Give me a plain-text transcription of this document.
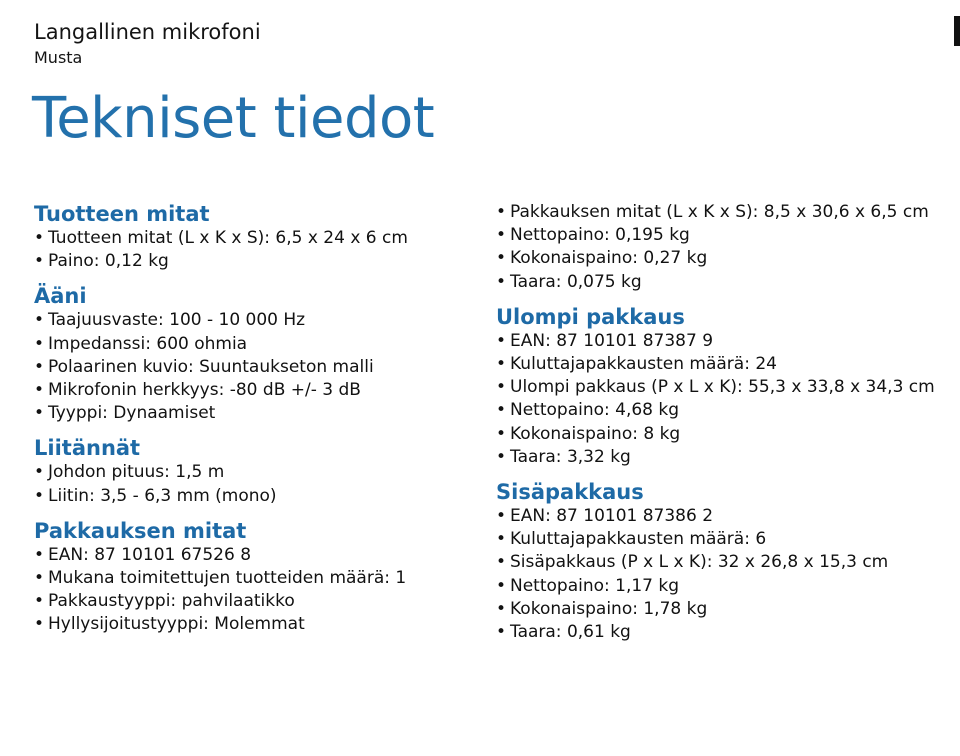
Langallinen mikrofoni
Musta
Tekniset tiedot
Tuotteen mitat
• Tuotteen mitat (L x K x S): 6,5 x 24 x 6 cm
• Paino: 0,12 kg
Ääni
• Taajuusvaste: 100 - 10 000 Hz
• Impedanssi: 600 ohmia
• Polaarinen kuvio: Suuntaukseton malli
• Mikrofonin herkkyys: -80 dB +/- 3 dB
• Tyyppi: Dynaamiset
Liitännät
• Johdon pituus: 1,5 m
• Liitin: 3,5 - 6,3 mm (mono)
Pakkauksen mitat
• EAN: 87 10101 67526 8
• Mukana toimitettujen tuotteiden määrä: 1
• Pakkaustyyppi: pahvilaatikko
• Hyllysijoitustyyppi: Molemmat
• Pakkauksen mitat (L x K x S): 8,5 x 30,6 x 6,5 cm
• Nettopaino: 0,195 kg
• Kokonaispaino: 0,27 kg
• Taara: 0,075 kg
Ulompi pakkaus
• EAN: 87 10101 87387 9
• Kuluttajapakkausten määrä: 24
• Ulompi pakkaus (P x L x K): 55,3 x 33,8 x 34,3 cm
• Nettopaino: 4,68 kg
• Kokonaispaino: 8 kg
• Taara: 3,32 kg
Sisäpakkaus
• EAN: 87 10101 87386 2
• Kuluttajapakkausten määrä: 6
• Sisäpakkaus (P x L x K): 32 x 26,8 x 15,3 cm
• Nettopaino: 1,17 kg
• Kokonaispaino: 1,78 kg
• Taara: 0,61 kg
